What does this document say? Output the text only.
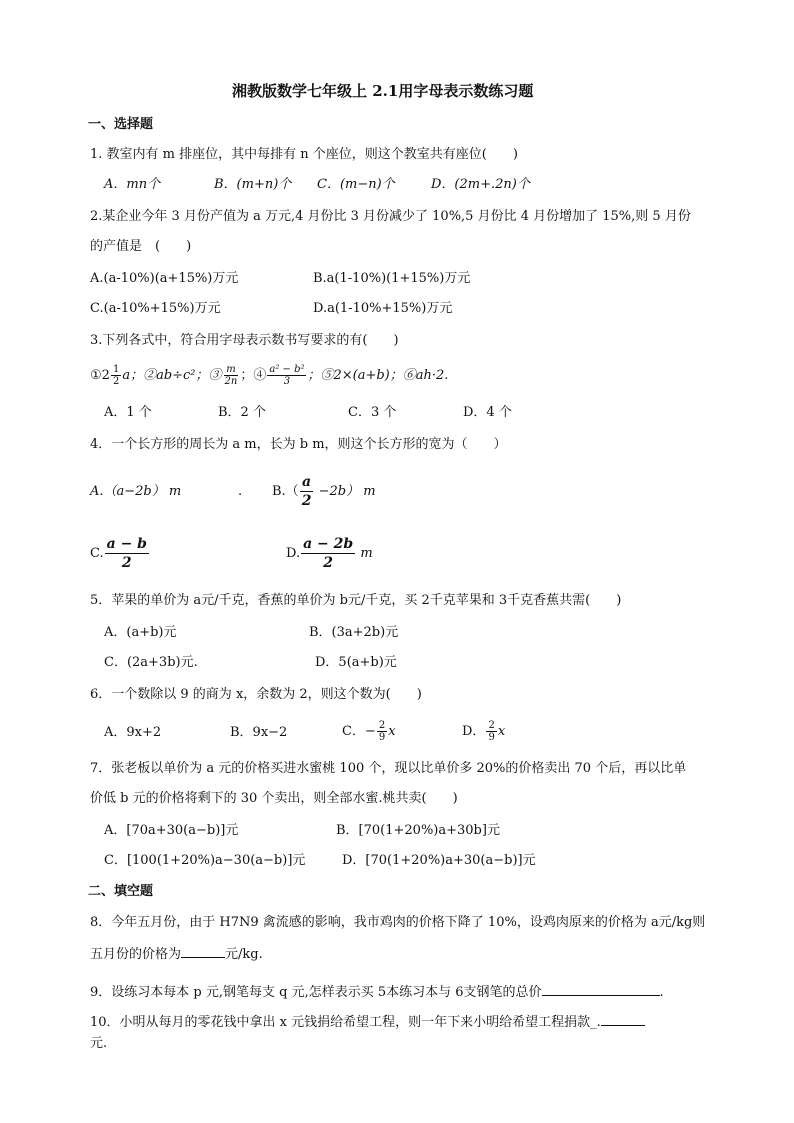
湘教版数学七年级上 2.1用字母表示数练习题
一、选择题
1. 教室内有 m 排座位，其中每排有 n 个座位，则这个教室共有座位(　　)
A．mn个	B．(m+n)个 C．(m−n)个	D．(2m+.2n)个
2.某企业今年 3 月份产值为 a 万元,4 月份比 3 月份减少了 10%,5 月份比 4 月份增加了 15%,则 5 月份
的产值是　(　　)
A.(a-10%)(a+15%)万元	B.a(1-10%)(1+15%)万元
C.(a-10%+15%)万元	D.a(1-10%+15%)万元
3.下列各式中，符合用字母表示数书写要求的有(　　)
①2 $\frac{1}{2}$ a；②ab÷c²；③ $\frac{m}{2n}$ ；④ $\frac{\text{a² − b²}}{3}$ ；⑤2×(a+b)；⑥ah·2.
A．1 个	B．2 个	C．3 个	D．4 个
4．一个长方形的周长为 a m，长为 b m，则这个长方形的宽为（　　）
A.（a−2b） m	. $B.( \frac{a}{2} -2b)$ m
C. $\frac{a - b}{2}$	D. $\frac{a - 2b}{2}$ m
5．苹果的单价为 a元/千克，香蕉的单价为 b元/千克，买 2千克苹果和 3千克香蕉共需(　　)
A．(a+b)元	B．(3a+2b)元
C．(2a+3b)元.	D．5(a+b)元
6．一个数除以 9 的商为 x，余数为 2，则这个数为(　　)
A．9x+2	B．9x−2	C．− $\frac{2}{9}$ x	D． $\frac{2}{9}$ x
7．张老板以单价为 a 元的价格买进水蜜桃 100 个，现以比单价多 20%的价格卖出 70 个后，再以比单
价低 b 元的价格将剩下的 30 个卖出，则全部水蜜.桃共卖(　　)
A．[70a+30(a−b)]元	B．[70(1+20%)a+30b]元
C．[100(1+20%)a−30(a−b)]元	D．[70(1+20%)a+30(a−b)]元
二、填空题
8．今年五月份，由于 H7N9 禽流感的影响，我市鸡肉的价格下降了 10%，设鸡肉原来的价格为 a元/kg则
五月份的价格为	元/kg.
9．设练习本每本 p 元,钢笔每支 q 元,怎样表示买 5本练习本与 6支钢笔的总价	.
10．小明从每月的零花钱中拿出 x 元钱捐给希望工程，则一年下来小明给希望工程捐款_.
元.
